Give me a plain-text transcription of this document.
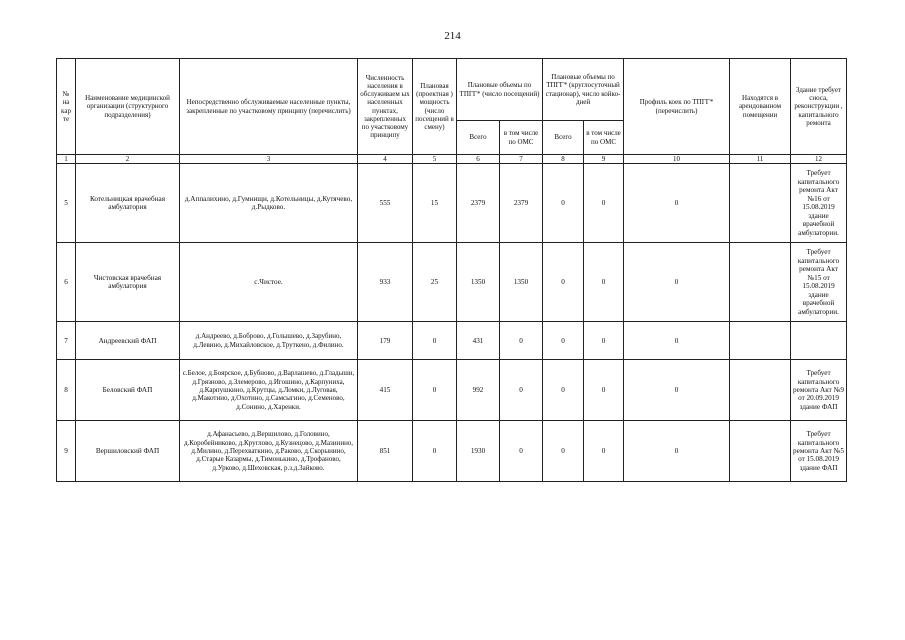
214
№ на кар те	Наименование медицинской организации (структурного подразделения)	Непосредственно обслуживаемые населенные пункты, закрепленные по участковому принципу (перечислить)	Численность населения в обслуживаем ых населенных пунктах, закрепленных по участковому принципу	Плановая (проектная ) мощность (число посещений в смену)	Плановые объемы по ТПГГ* (число посещений)		Плановые объемы по ТПГГ* (круглосуточный стационар), число койко-дней		Профиль коек по ТПГГ* (перечислить)	Находятся в арендованном помещении	Здание требует сноса, реконструкции , капитального ремонта
					Всего	в том числе по ОМС	Всего	в том числе по ОМС			
1	2	3	4	5	6	7	8	9	10	11	12
5	Котельницкая врачебная амбулатория	д.Аппалихино, д.Гумнищи, д.Котельницы, д.Кутячево, д.Рыдково.	555	15	2379	2379	0	0	0		Требует капитального ремонта Акт №16 от 15.08.2019 здание врачебной амбулатории.
6	Чистовская врачебная амбулатория	с.Чистое.	933	25	1350	1350	0	0	0		Требует капитального ремонта Акт №15 от 15.08.2019 здание врачебной амбулатории.
7	Андреевский ФАП	д.Андреево, д.Боброво, д.Голышево, д.Зарубино, д.Левино, д.Михайловское, д.Труткено, д.Филино.	179	0	431	0	0	0	0		
8	Беловский ФАП	с.Белое, д.Боярское, д.Бубново, д.Варлашево, д.Гладыши, д.Грязново, д.Злемерово, д.Игошино, д.Карпуниха, д.Карпушкино, д.Крутцы, д.Ломки, д.Луговая, д.Макотино, д.Охотино, д.Самсыгино, д.Семеново, д.Сонино, д.Харенки.	415	0	992	0	0	0	0		Требует капитального ремонта Акт №9 от 20.09.2019 здание ФАП
9	Вершиловский ФАП	д.Афанасьево, д.Вершилово, д.Головино, д.Коробейниково, д.Круглово, д.Кузнецово, д.Мазинино, д.Милино, д.Перехваткино, д.Раково, д.Скорынино, д.Старые Казармы, д.Тимонькино, д.Трофаново, д.Урково, д.Шеховская, р.з.д.Зайково.	851	0	1930	0	0	0	0		Требует капитального ремонта Акт №5 от 15.08.2019 здание ФАП
